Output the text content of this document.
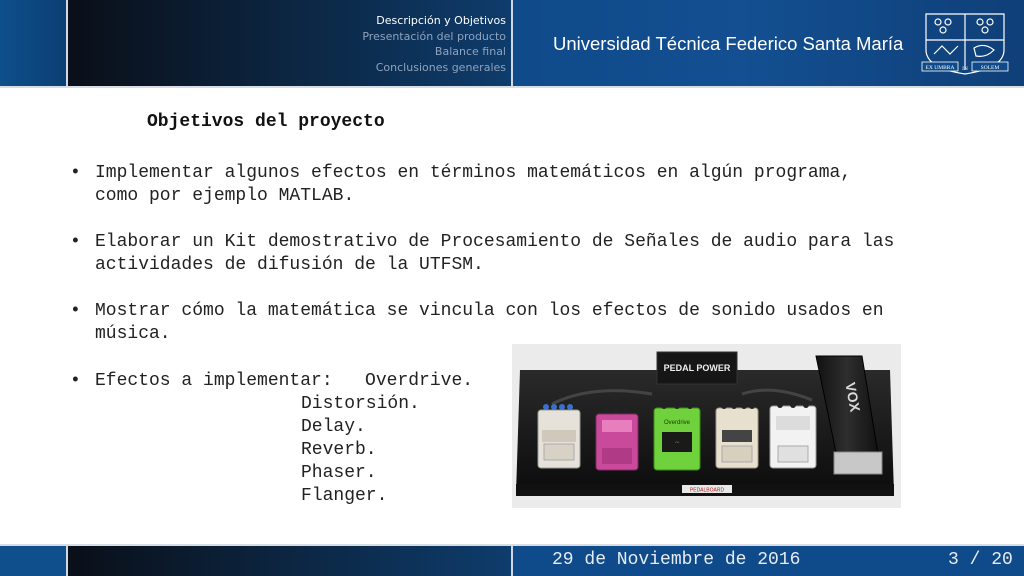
Descripción y Objetivos
Presentación del producto
Balance final
Conclusiones generales
Universidad Técnica Federico Santa María
EX UMBRA	SOLEM
IN
Objetivos del proyecto
• Implementar algunos efectos en términos matemáticos en algún programa,
como por ejemplo MATLAB.
• Elaborar un Kit demostrativo de Procesamiento de Señales de audio para las
actividades de difusión de la UTFSM.
• Mostrar cómo la matemática se vincula con los efectos de sonido usados en
música.
• Efectos a implementar:   Overdrive.
Distorsión.
Delay.
Reverb.
Phaser.
Flanger.	PEDALBOARD
PEDAL POWER
Overdrive
~
VOX
29 de Noviembre de 2016	3 / 20
